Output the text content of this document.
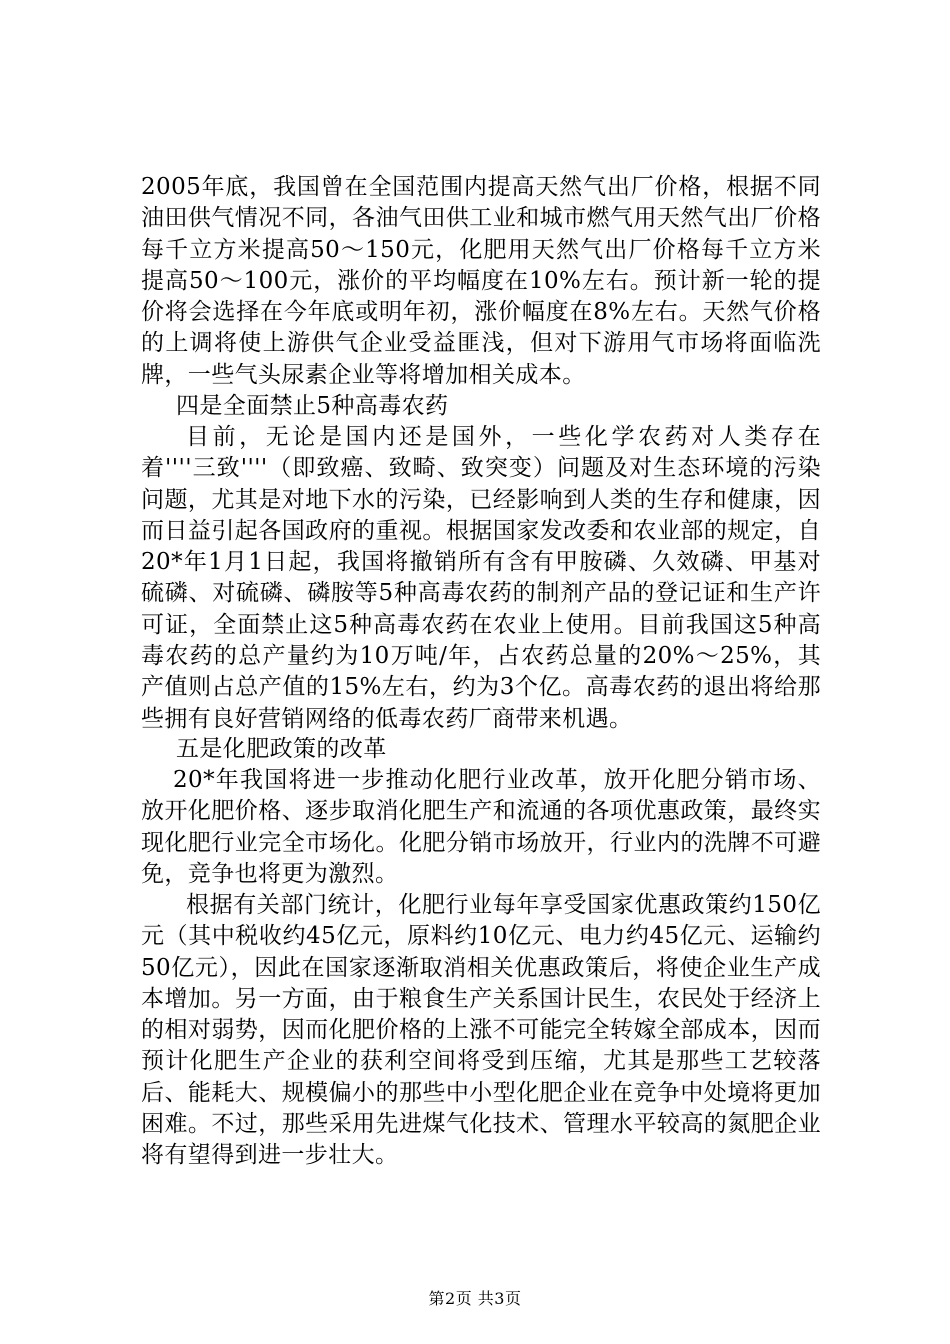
2005年底，我国曾在全国范围内提高天然气出厂价格，根据不同油田供气情况不同，各油气田供工业和城市燃气用天然气出厂价格每千立方米提高50～150元，化肥用天然气出厂价格每千立方米提高50～100元，涨价的平均幅度在10%左右。预计新一轮的提价将会选择在今年底或明年初，涨价幅度在8%左右。天然气价格的上调将使上游供气企业受益匪浅，但对下游用气市场将面临洗牌，一些气头尿素企业等将增加相关成本。

四是全面禁止5种高毒农药

目前，无论是国内还是国外，一些化学农药对人类存在着''''三致''''（即致癌、致畸、致突变）问题及对生态环境的污染问题，尤其是对地下水的污染，已经影响到人类的生存和健康，因而日益引起各国政府的重视。根据国家发改委和农业部的规定，自20*年1月1日起，我国将撤销所有含有甲胺磷、久效磷、甲基对硫磷、对硫磷、磷胺等5种高毒农药的制剂产品的登记证和生产许可证，全面禁止这5种高毒农药在农业上使用。目前我国这5种高毒农药的总产量约为10万吨/年，占农药总量的20%～25%，其产值则占总产值的15%左右，约为3个亿。高毒农药的退出将给那些拥有良好营销网络的低毒农药厂商带来机遇。

五是化肥政策的改革

20*年我国将进一步推动化肥行业改革，放开化肥分销市场、放开化肥价格、逐步取消化肥生产和流通的各项优惠政策，最终实现化肥行业完全市场化。化肥分销市场放开，行业内的洗牌不可避免，竞争也将更为激烈。

根据有关部门统计，化肥行业每年享受国家优惠政策约150亿元（其中税收约45亿元，原料约10亿元、电力约45亿元、运输约50亿元），因此在国家逐渐取消相关优惠政策后，将使企业生产成本增加。另一方面，由于粮食生产关系国计民生，农民处于经济上的相对弱势，因而化肥价格的上涨不可能完全转嫁全部成本，因而预计化肥生产企业的获利空间将受到压缩，尤其是那些工艺较落后、能耗大、规模偏小的那些中小型化肥企业在竞争中处境将更加困难。不过，那些采用先进煤气化技术、管理水平较高的氮肥企业将有望得到进一步壮大。

第2页 共3页
